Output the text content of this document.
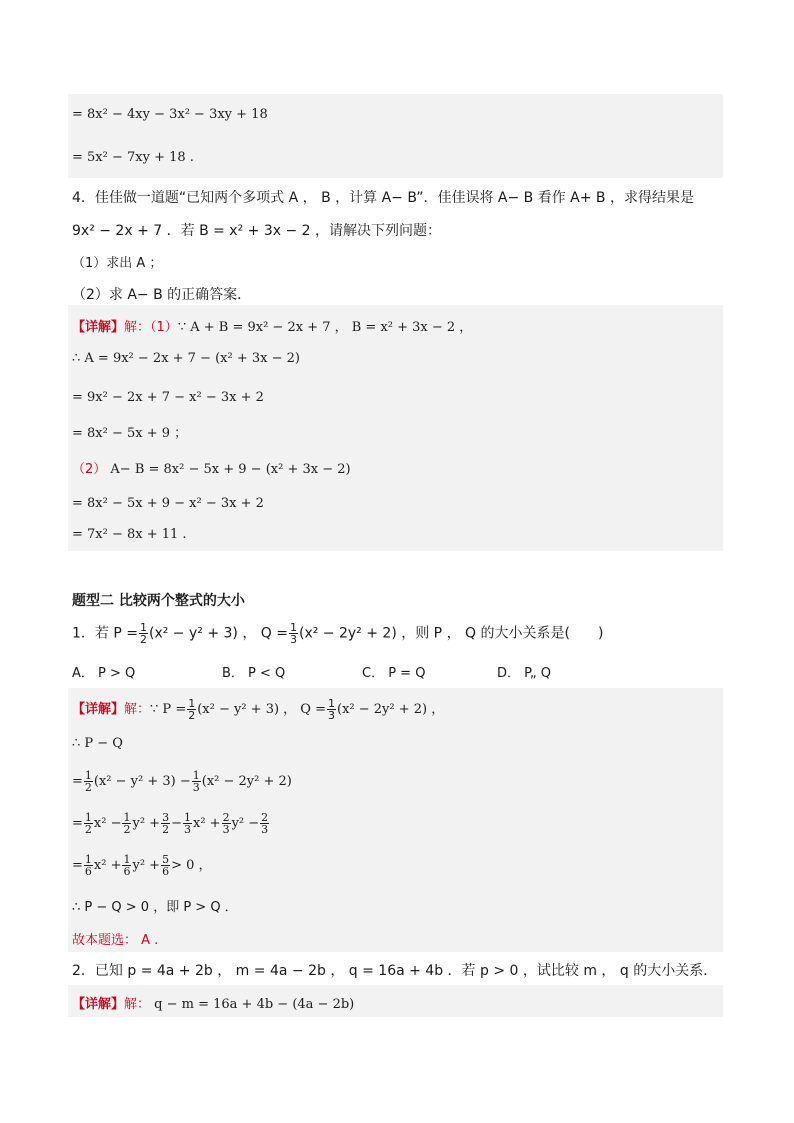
= 8x² − 4xy − 3x² − 3xy + 18
= 5x² − 7xy + 18 .
4．佳佳做一道题“已知两个多项式 A ， B ，计算 A− B”．佳佳误将 A− B 看作 A+ B ，求得结果是
9x² − 2x + 7 ．若 B = x² + 3x − 2 ，请解决下列问题：
（1）求出 A ；
（2）求 A− B 的正确答案．
【详解】解：（1）∵ A + B = 9x² − 2x + 7 ， B = x² + 3x − 2 ，
∴ A = 9x² − 2x + 7 − (x² + 3x − 2)
= 9x² − 2x + 7 − x² − 3x + 2
= 8x² − 5x + 9 ；
（2） A− B = 8x² − 5x + 9 − (x² + 3x − 2)
= 8x² − 5x + 9 − x² − 3x + 2
= 7x² − 8x + 11 .
题型二 比较两个整式的大小
1．若 $P = \frac{1}{2} (x^2 - y^2 + 3)$ ， $Q = \frac{1}{3} (x^2 - 2y^2 + 2)$ ，则 P ， Q 的大小关系是(　　)
A． P > Q	B． P < Q	C． P = Q	D． P„ Q
【详解】解：∵ $P = \frac{1}{2} (x^2 - y^2 + 3)$ ， $Q = \frac{1}{3} (x^2 - 2y^2 + 2)$ ，
∴ P − Q
= $\frac{1}{2} (x^2 - y^2 + 3) - \frac{1}{3} (x^2 - 2y^2 + 2)$
= $\frac{1}{2} x^2 - \frac{1}{2} y^2 + \frac{3}{2} - \frac{1}{3} x^2 + \frac{2}{3} y^2 - \frac{2}{3}$
= $\frac{1}{6} x^2 + \frac{1}{6} y^2 + \frac{5}{6} > 0$ ，
∴ P − Q > 0 ，即 P > Q ．
故本题选： A .
2．已知 p = 4a + 2b ， m = 4a − 2b ， q = 16a + 4b ．若 p > 0 ，试比较 m ， q 的大小关系．
【详解】解： q − m = 16a + 4b − (4a − 2b)
